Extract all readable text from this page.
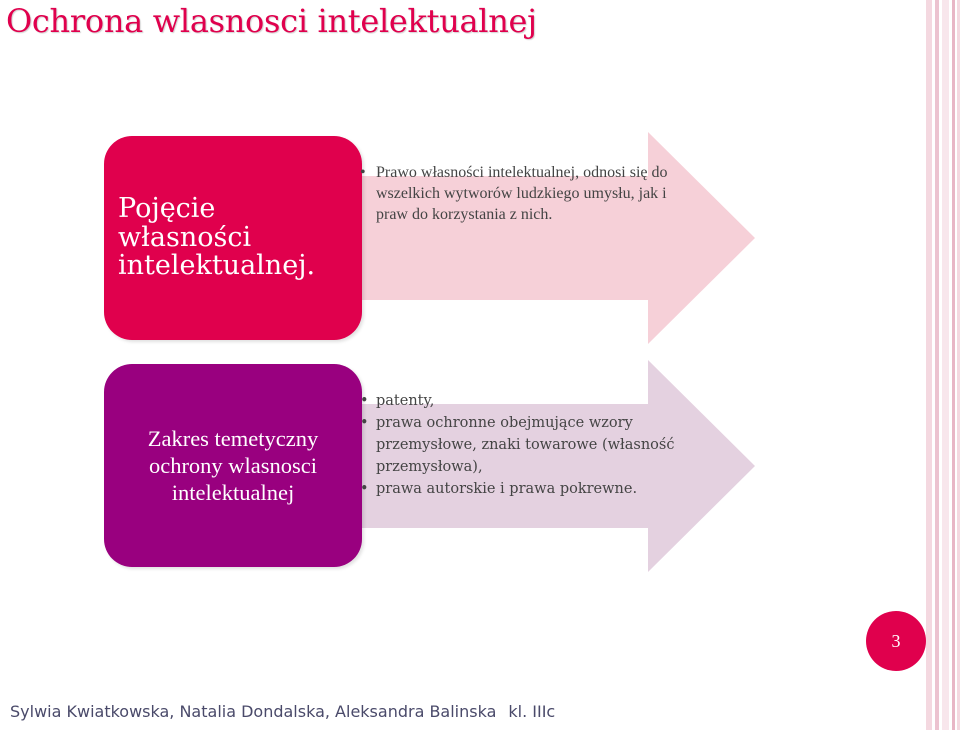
Ochrona wlasnosci intelektualnej
Pojęcie własności intelektualnej.
• Prawo własności intelektualnej, odnosi się do wszelkich wytworów ludzkiego umysłu, jak i praw do korzystania z nich.
Zakres temetyczny ochrony wlasnosci intelektualnej
• patenty,
• prawa ochronne obejmujące wzory przemysłowe, znaki towarowe (własność przemysłowa),
• prawa autorskie i prawa pokrewne.
3
Sylwia Kwiatkowska, Natalia Dondalska, Aleksandra Balinska kl. IIIc
